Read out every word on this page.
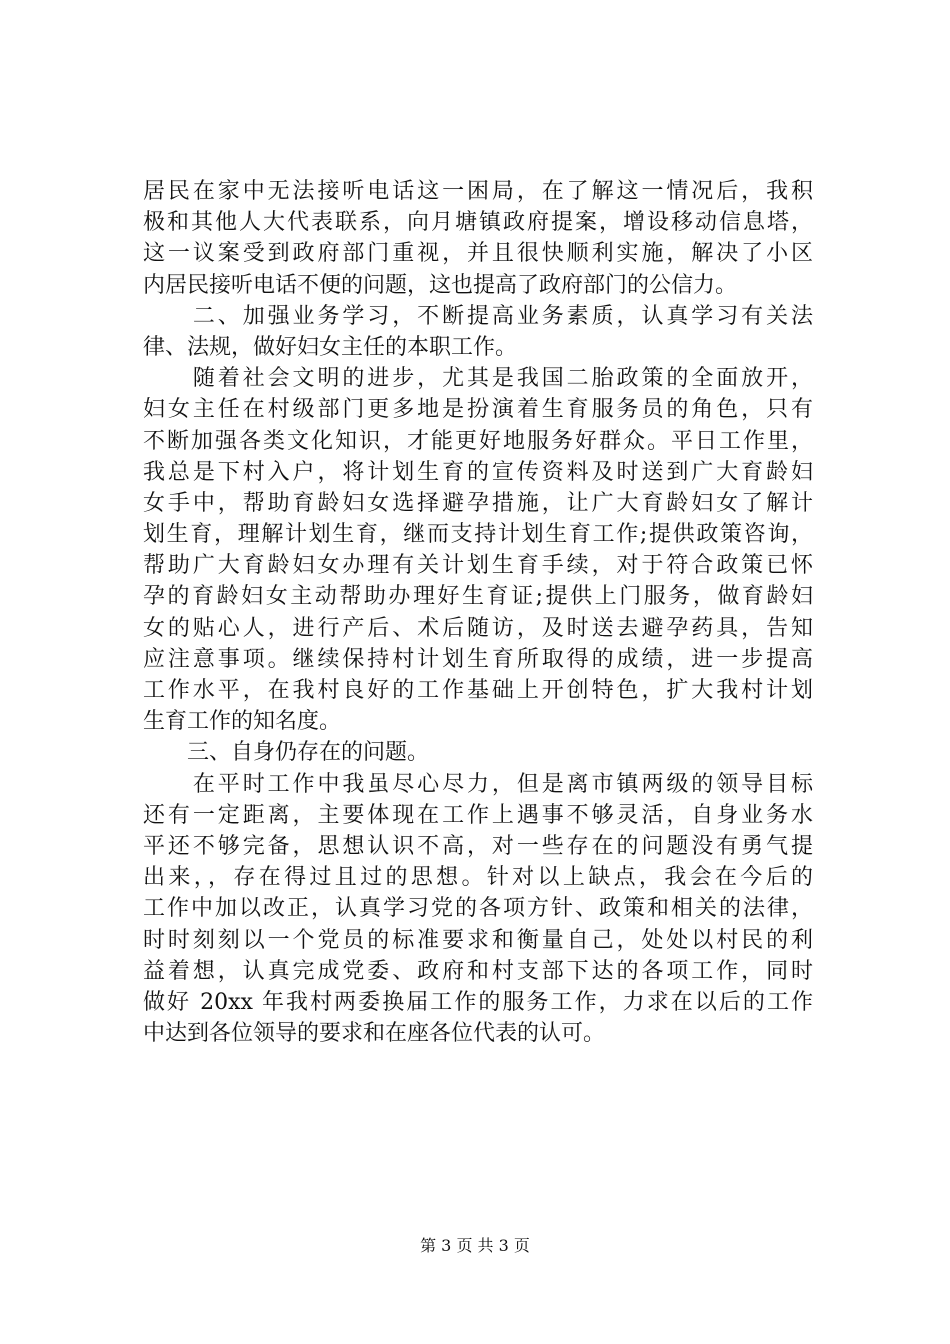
居民在家中无法接听电话这一困局，在了解这一情况后，我积
极和其他人大代表联系，向月塘镇政府提案，增设移动信息塔，
这一议案受到政府部门重视，并且很快顺利实施，解决了小区
内居民接听电话不便的问题，这也提高了政府部门的公信力。
　　二、加强业务学习，不断提高业务素质，认真学习有关法
律、法规，做好妇女主任的本职工作。
　　随着社会文明的进步，尤其是我国二胎政策的全面放开，
妇女主任在村级部门更多地是扮演着生育服务员的角色，只有
不断加强各类文化知识，才能更好地服务好群众。平日工作里，
我总是下村入户，将计划生育的宣传资料及时送到广大育龄妇
女手中，帮助育龄妇女选择避孕措施，让广大育龄妇女了解计
划生育，理解计划生育，继而支持计划生育工作;提供政策咨询，
帮助广大育龄妇女办理有关计划生育手续，对于符合政策已怀
孕的育龄妇女主动帮助办理好生育证;提供上门服务，做育龄妇
女的贴心人，进行产后、术后随访，及时送去避孕药具，告知
应注意事项。继续保持村计划生育所取得的成绩，进一步提高
工作水平，在我村良好的工作基础上开创特色，扩大我村计划
生育工作的知名度。
　　三、自身仍存在的问题。
　　在平时工作中我虽尽心尽力，但是离市镇两级的领导目标
还有一定距离，主要体现在工作上遇事不够灵活，自身业务水
平还不够完备，思想认识不高，对一些存在的问题没有勇气提
出来，，存在得过且过的思想。针对以上缺点，我会在今后的
工作中加以改正，认真学习党的各项方针、政策和相关的法律，
时时刻刻以一个党员的标准要求和衡量自己，处处以村民的利
益着想，认真完成党委、政府和村支部下达的各项工作，同时
做好 20xx 年我村两委换届工作的服务工作，力求在以后的工作
中达到各位领导的要求和在座各位代表的认可。
第 3 页 共 3 页
